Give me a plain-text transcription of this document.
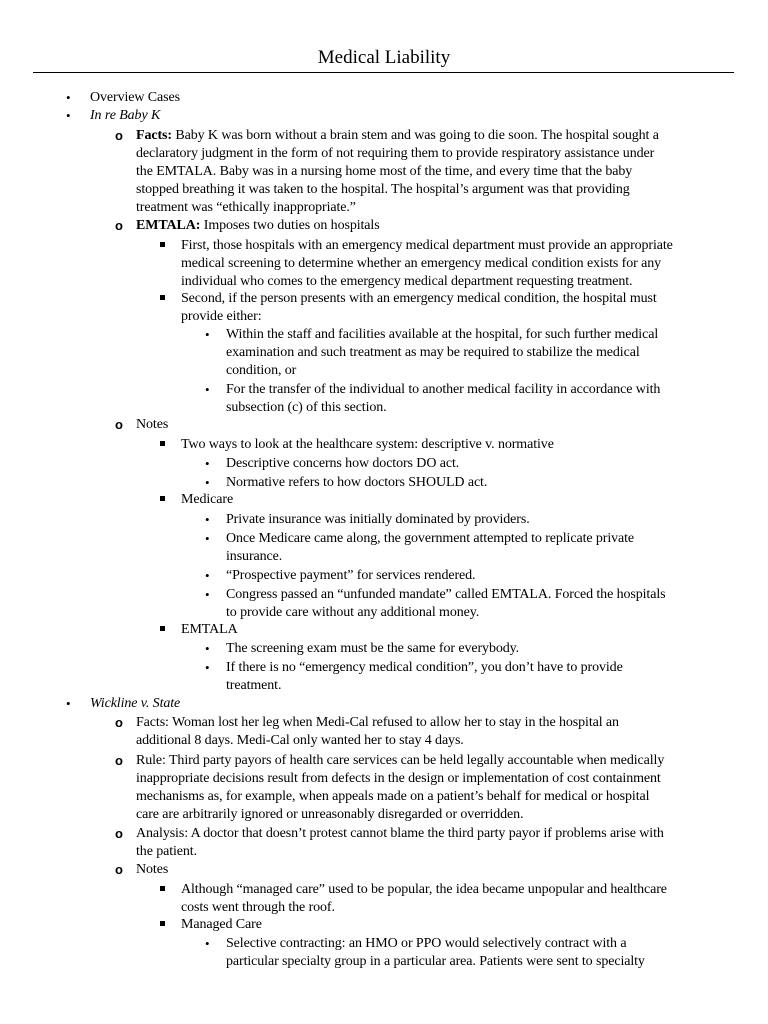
Medical Liability
•
Overview Cases
•
In re Baby K
o Facts: Baby K was born without a brain stem and was going to die soon. The hospital sought a
declaratory judgment in the form of not requiring them to provide respiratory assistance under
the EMTALA. Baby was in a nursing home most of the time, and every time that the baby
stopped breathing it was taken to the hospital. The hospital’s argument was that providing
treatment was “ethically inappropriate.”
o EMTALA: Imposes two duties on hospitals
First, those hospitals with an emergency medical department must provide an appropriate
medical screening to determine whether an emergency medical condition exists for any
individual who comes to the emergency medical department requesting treatment.
Second, if the person presents with an emergency medical condition, the hospital must
provide either:
•
Within the staff and facilities available at the hospital, for such further medical
examination and such treatment as may be required to stabilize the medical
condition, or
•
For the transfer of the individual to another medical facility in accordance with
subsection (c) of this section.
o Notes
Two ways to look at the healthcare system: descriptive v. normative
•
Descriptive concerns how doctors DO act.
•
Normative refers to how doctors SHOULD act.
Medicare
•
Private insurance was initially dominated by providers.
•
Once Medicare came along, the government attempted to replicate private
insurance.
•
“Prospective payment” for services rendered.
•
Congress passed an “unfunded mandate” called EMTALA. Forced the hospitals
to provide care without any additional money.
EMTALA
•
The screening exam must be the same for everybody.
•
If there is no “emergency medical condition”, you don’t have to provide
treatment.
•
Wickline v. State
o Facts: Woman lost her leg when Medi-Cal refused to allow her to stay in the hospital an
additional 8 days. Medi-Cal only wanted her to stay 4 days.
o Rule: Third party payors of health care services can be held legally accountable when medically
inappropriate decisions result from defects in the design or implementation of cost containment
mechanisms as, for example, when appeals made on a patient’s behalf for medical or hospital
care are arbitrarily ignored or unreasonably disregarded or overridden.
o Analysis: A doctor that doesn’t protest cannot blame the third party payor if problems arise with
the patient.
o Notes
Although “managed care” used to be popular, the idea became unpopular and healthcare
costs went through the roof.
Managed Care
•
Selective contracting: an HMO or PPO would selectively contract with a
particular specialty group in a particular area. Patients were sent to specialty
